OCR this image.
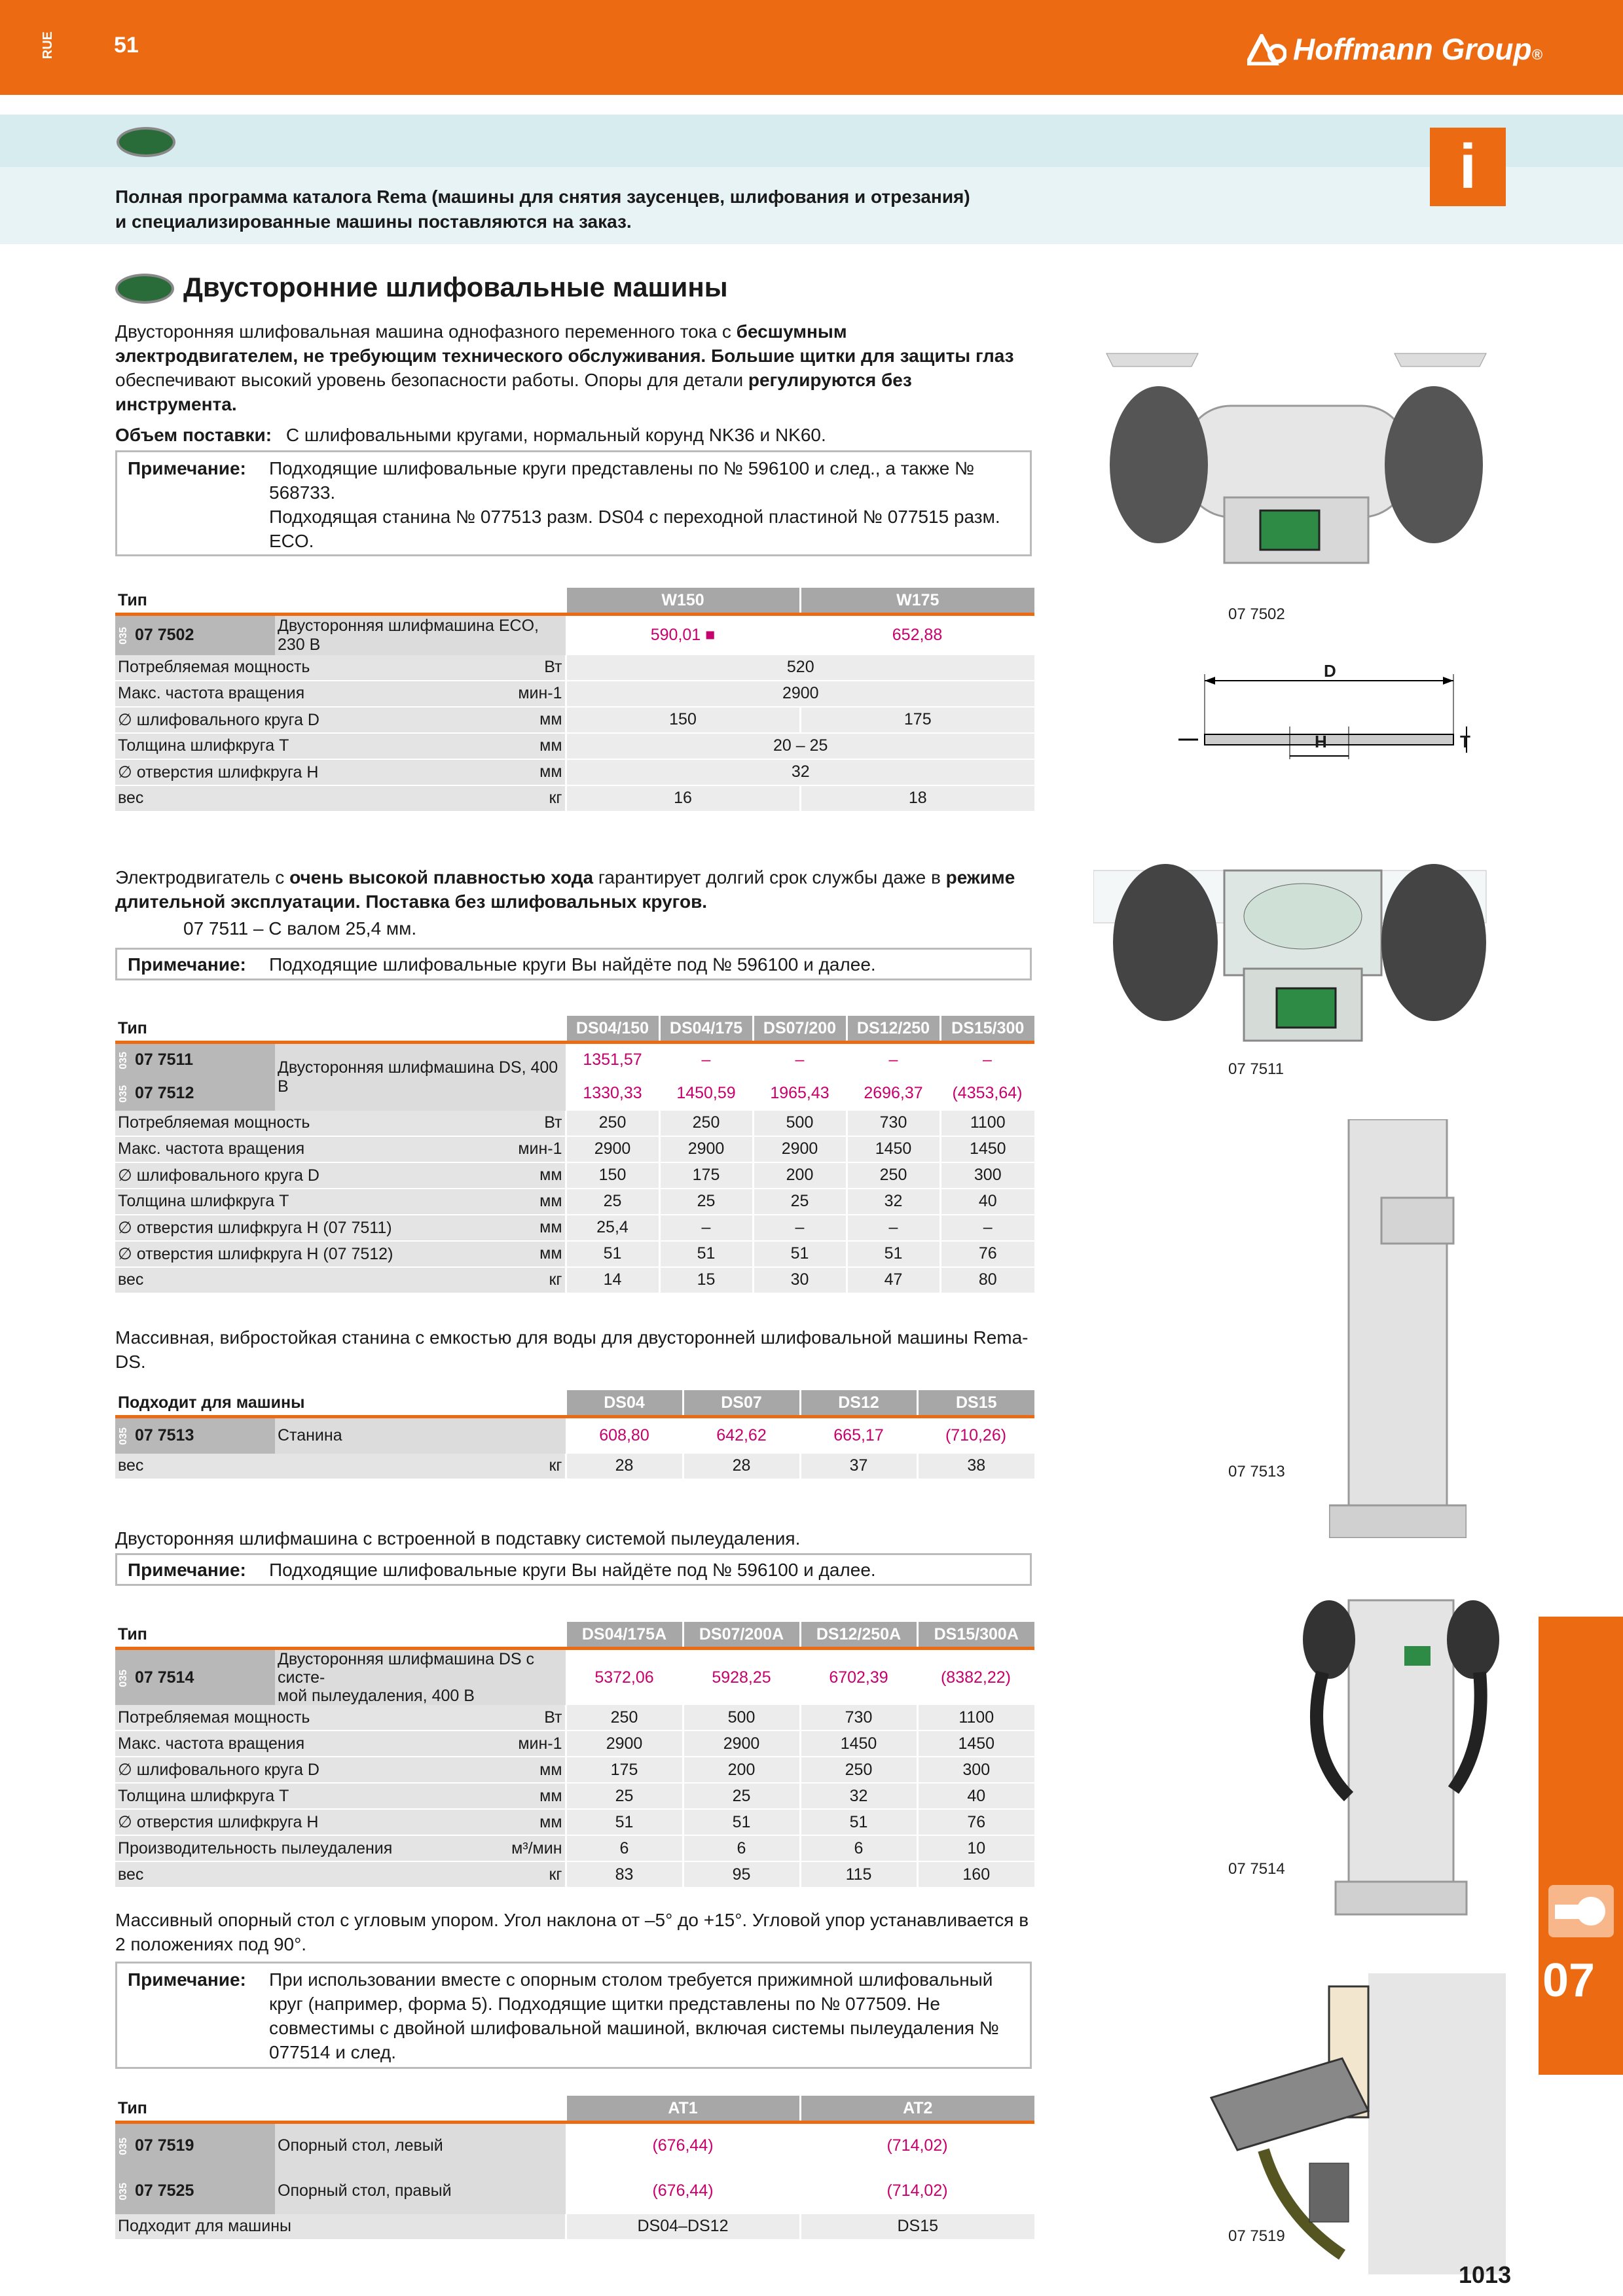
RUE	51	Hoffmann Group®
i
Полная программа каталога Rema (машины для снятия заусенцев, шлифования и отрезания)
и специализированные машины поставляются на заказ.
Двусторонние шлифовальные машины
Двусторонняя шлифовальная машина однофазного переменного тока с бесшумным электродвигателем, не требующим технического обслуживания. Большие щитки для защиты глаз обеспечивают высокий уровень безопасности работы. Опоры для детали регулируются без инструмента.
Объем поставки: С шлифовальными кругами, нормальный корунд NK36 и NK60.
Примечание: Подходящие шлифовальные круги представлены по № 596100 и след., а также № 568733.
Подходящая станина № 077513 разм. DS04 с переходной пластиной № 077515 разм. ECO.
Тип			W150	W175
035 07 7502	Двусторонняя шлифмашина ECO, 230 В		590,01 ■	652,88
Потребляемая мощность		Вт	520	
Макс. частота вращения		мин-1	2900	
∅ шлифовального круга D		мм	150	175
Толщина шлифкруга T		мм	20 – 25	
∅ отверстия шлифкруга H		мм	32	
вес		кг	16	18
Электродвигатель с очень высокой плавностью хода гарантирует долгий срок службы даже в режиме длительной эксплуатации. Поставка без шлифовальных кругов.
07 7511 – С валом 25,4 мм.
Примечание: Подходящие шлифовальные круги Вы найдёте под № 596100 и далее.
Тип			DS04/150	DS04/175	DS07/200	DS12/250	DS15/300
035 07 7511	Двусторонняя шлифмашина DS, 400 В		1351,57	–	–	–	–
035 07 7512			1330,33	1450,59	1965,43	2696,37	(4353,64)
Потребляемая мощность		Вт	250	250	500	730	1100
Макс. частота вращения		мин-1	2900	2900	2900	1450	1450
∅ шлифовального круга D		мм	150	175	200	250	300
Толщина шлифкруга T		мм	25	25	25	32	40
∅ отверстия шлифкруга H (07 7511)		мм	25,4	–	–	–	–
∅ отверстия шлифкруга H (07 7512)		мм	51	51	51	51	76
вес		кг	14	15	30	47	80
Массивная, вибростойкая станина с емкостью для воды для двусторонней шлифовальной машины Rema-DS.
Подходит для машины			DS04	DS07	DS12	DS15
035 07 7513	Станина		608,80	642,62	665,17	(710,26)
вес		кг	28	28	37	38
Двусторонняя шлифмашина с встроенной в подставку системой пылеудаления.
Примечание: Подходящие шлифовальные круги Вы найдёте под № 596100 и далее.
Тип			DS04/175A	DS07/200A	DS12/250A	DS15/300A
035 07 7514	Двусторонняя шлифмашина DS с систе-
мой пылеудаления, 400 В		5372,06	5928,25	6702,39	(8382,22)
Потребляемая мощность		Вт	250	500	730	1100
Макс. частота вращения		мин-1	2900	2900	1450	1450
∅ шлифовального круга D		мм	175	200	250	300
Толщина шлифкруга T		мм	25	25	32	40
∅ отверстия шлифкруга H		мм	51	51	51	76
Производительность пылеудаления		м³/мин	6	6	6	10
вес		кг	83	95	115	160
Массивный опорный стол с угловым упором. Угол наклона от –5° до +15°. Угловой упор устанавливается в 2 положениях под 90°.
Примечание: При использовании вместе с опорным столом требуется прижимной шлифовальный круг (например, форма 5). Подходящие щитки представлены по № 077509. Не совместимы с двойной шлифовальной машиной, включая системы пылеудаления № 077514 и след.
Тип		AT1	AT2
035 07 7519	Опорный стол, левый	(676,44)	(714,02)
035 07 7525	Опорный стол, правый	(676,44)	(714,02)
Подходит для машины		DS04–DS12	DS15
07 7502
D
H	T
07 7511
07 7513
07 7514
07 7519
07
1013
